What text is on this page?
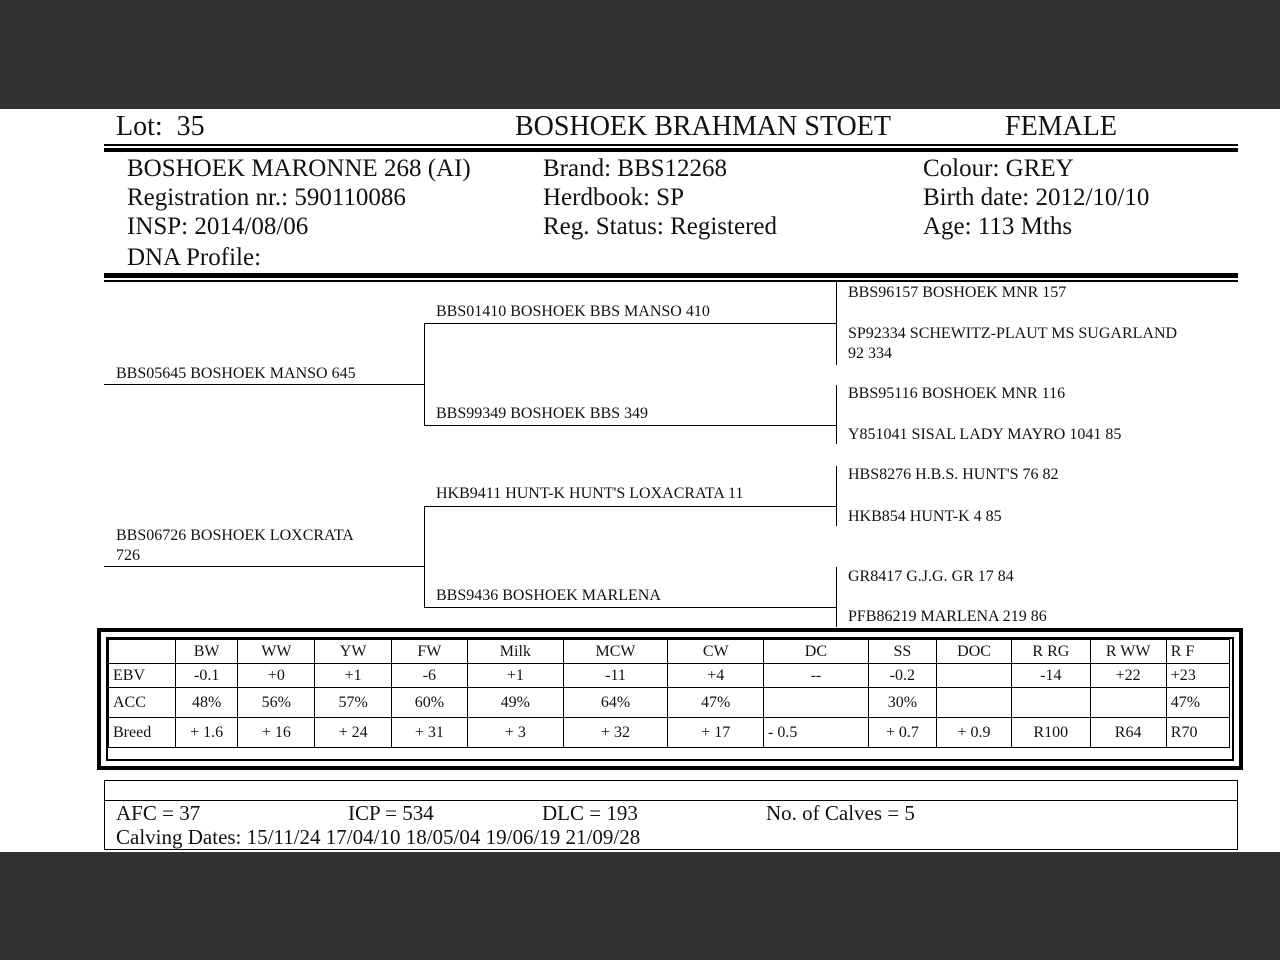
Lot: 35	BOSHOEK BRAHMAN STOET	FEMALE
BOSHOEK MARONNE 268 (AI)
Registration nr.: 590110086
INSP: 2014/08/06
DNA Profile:
Brand: BBS12268
Herdbook: SP
Reg. Status: Registered
Colour: GREY
Birth date: 2012/10/10
Age: 113 Mths
BBS05645 BOSHOEK MANSO 645
BBS06726 BOSHOEK LOXCRATA
726
BBS01410 BOSHOEK BBS MANSO 410
BBS99349 BOSHOEK BBS 349
HKB9411 HUNT-K HUNT'S LOXACRATA 11
BBS9436 BOSHOEK MARLENA
BBS96157 BOSHOEK MNR 157
SP92334 SCHEWITZ-PLAUT MS SUGARLAND
92 334
BBS95116 BOSHOEK MNR 116
Y851041 SISAL LADY MAYRO 1041 85
HBS8276 H.B.S. HUNT'S 76 82
HKB854 HUNT-K 4 85
GR8417 G.J.G. GR 17 84
PFB86219 MARLENA 219 86
	BW	WW	YW	FW	Milk	MCW	CW	DC	SS	DOC	R RG	R WW	R F
EBV	-0.1	+0	+1	-6	+1	-11	+4	--	-0.2		-14	+22	+23
ACC	48%	56%	57%	60%	49%	64%	47%		30%				47%
Breed	+ 1.6	+ 16	+ 24	+ 31	+ 3	+ 32	+ 17	- 0.5	+ 0.7	+ 0.9	R100	R64	R70
AFC = 37	ICP = 534	DLC = 193	No. of Calves = 5
Calving Dates: 15/11/24 17/04/10 18/05/04 19/06/19 21/09/28
